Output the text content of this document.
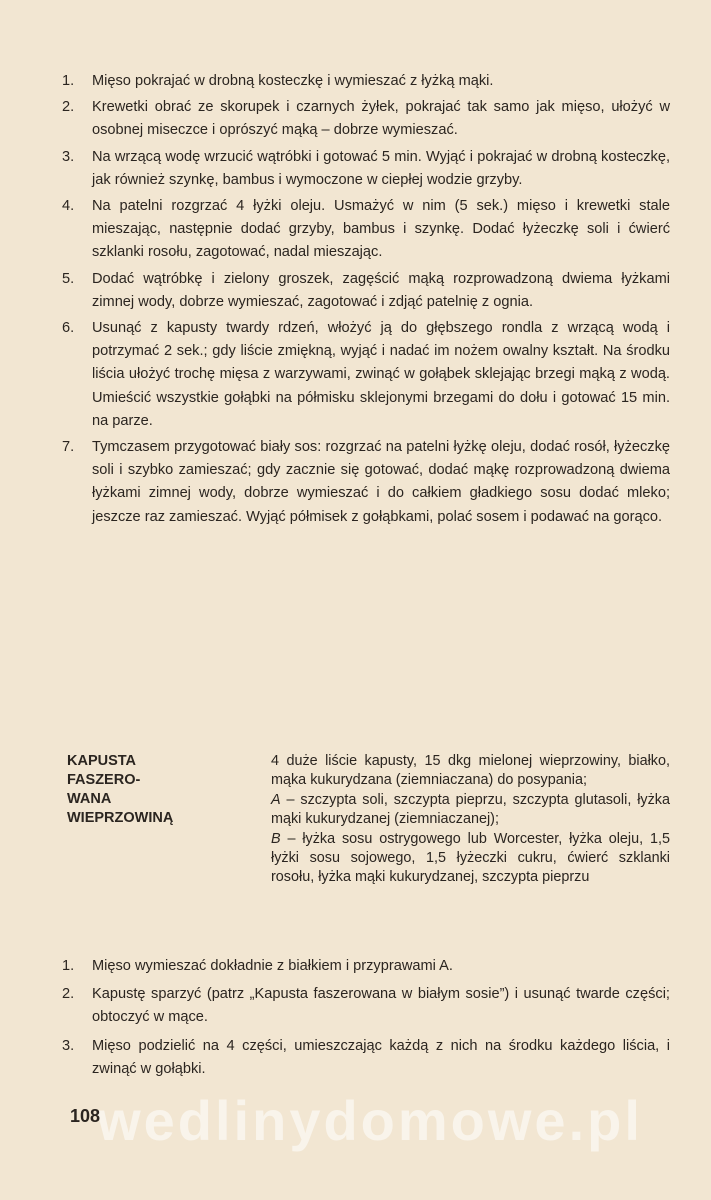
1.	Mięso pokrajać w drobną kosteczkę i wymieszać z łyżką mąki.
2.	Krewetki obrać ze skorupek i czarnych żyłek, pokrajać tak samo jak mięso, ułożyć w osobnej miseczce i oprószyć mąką – dobrze wymieszać.
3.	Na wrzącą wodę wrzucić wątróbki i gotować 5 min. Wyjąć i pokrajać w drobną kosteczkę, jak również szynkę, bambus i wymoczone w ciepłej wodzie grzyby.
4.	Na patelni rozgrzać 4 łyżki oleju. Usmażyć w nim (5 sek.) mięso i krewetki stale mieszając, następnie dodać grzyby, bambus i szynkę. Dodać łyżeczkę soli i ćwierć szklanki rosołu, zagotować, nadal mieszając.
5.	Dodać wątróbkę i zielony groszek, zagęścić mąką rozprowadzoną dwiema łyżkami zimnej wody, dobrze wymieszać, zagotować i zdjąć patelnię z ognia.
6.	Usunąć z kapusty twardy rdzeń, włożyć ją do głębszego rondla z wrzącą wodą i potrzymać 2 sek.; gdy liście zmiękną, wyjąć i nadać im nożem owalny kształt. Na środku liścia ułożyć trochę mięsa z warzywami, zwinąć w gołąbek sklejając brzegi mąką z wodą. Umieścić wszystkie gołąbki na półmisku sklejonymi brzegami do dołu i gotować 15 min. na parze.
7.	Tymczasem przygotować biały sos: rozgrzać na patelni łyżkę oleju, dodać rosół, łyżeczkę soli i szybko zamieszać; gdy zacznie się gotować, dodać mąkę rozprowadzoną dwiema łyżkami zimnej wody, dobrze wymieszać i do całkiem gładkiego sosu dodać mleko; jeszcze raz zamieszać. Wyjąć półmisek z gołąbkami, polać sosem i podawać na gorąco.
KAPUSTA
FASZERO-
WANA
WIEPRZOWINĄ

4 duże liście kapusty, 15 dkg mielonej wieprzowiny, białko, mąka kukurydzana (ziemniaczana) do posypania;

A – szczypta soli, szczypta pieprzu, szczypta glutasoli, łyżka mąki kukurydzanej (ziemniaczanej);

B – łyżka sosu ostrygowego lub Worcester, łyżka oleju, 1,5 łyżki sosu sojowego, 1,5 łyżeczki cukru, ćwierć szklanki rosołu, łyżka mąki kukurydzanej, szczypta pieprzu

1.	Mięso wymieszać dokładnie z białkiem i przyprawami A.
2.	Kapustę sparzyć (patrz „Kapusta faszerowana w białym sosie”) i usunąć twarde części; obtoczyć w mące.
3.	Mięso podzielić na 4 części, umieszczając każdą z nich na środku każdego liścia, i zwinąć w gołąbki.
wedlinydomowe.pl
108
